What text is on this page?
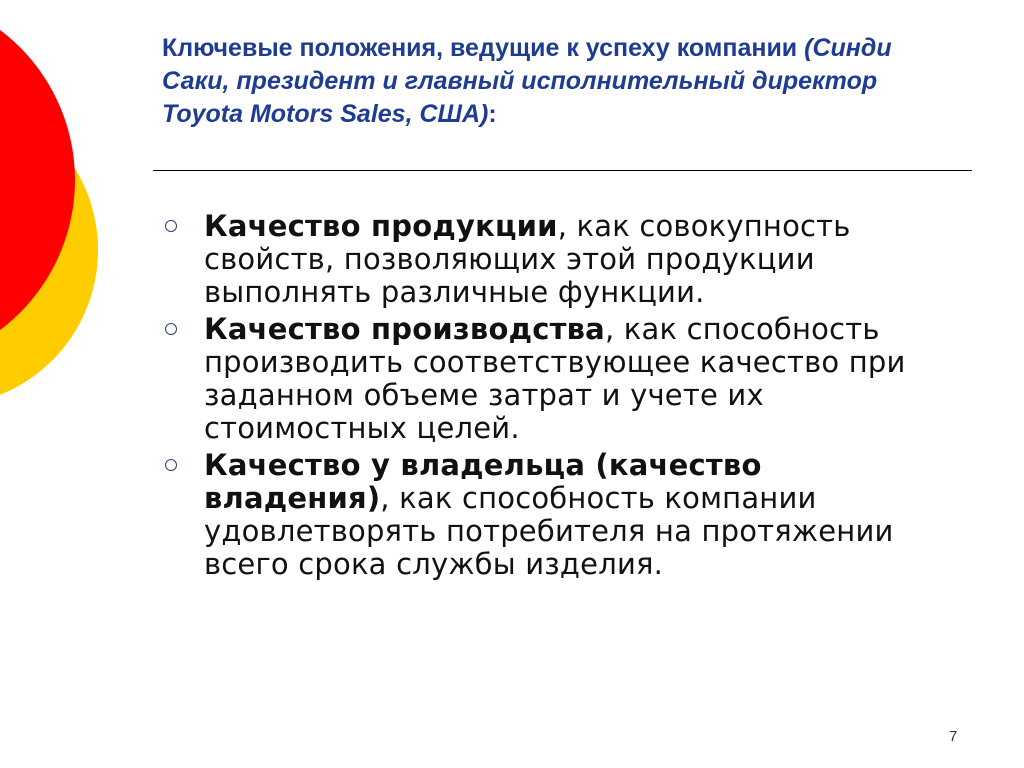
Ключевые положения, ведущие к успеху компании (Синди
Саки, президент и главный исполнительный директор
Toyota Motors Sales, США):
Качество продукции, как совокупность
свойств, позволяющих этой продукции
выполнять различные функции.
Качество производства, как способность
производить соответствующее качество при
заданном объеме затрат и учете их
стоимостных целей.
Качество у владельца (качество
владения), как способность компании
удовлетворять потребителя на протяжении
всего срока службы изделия.
7
